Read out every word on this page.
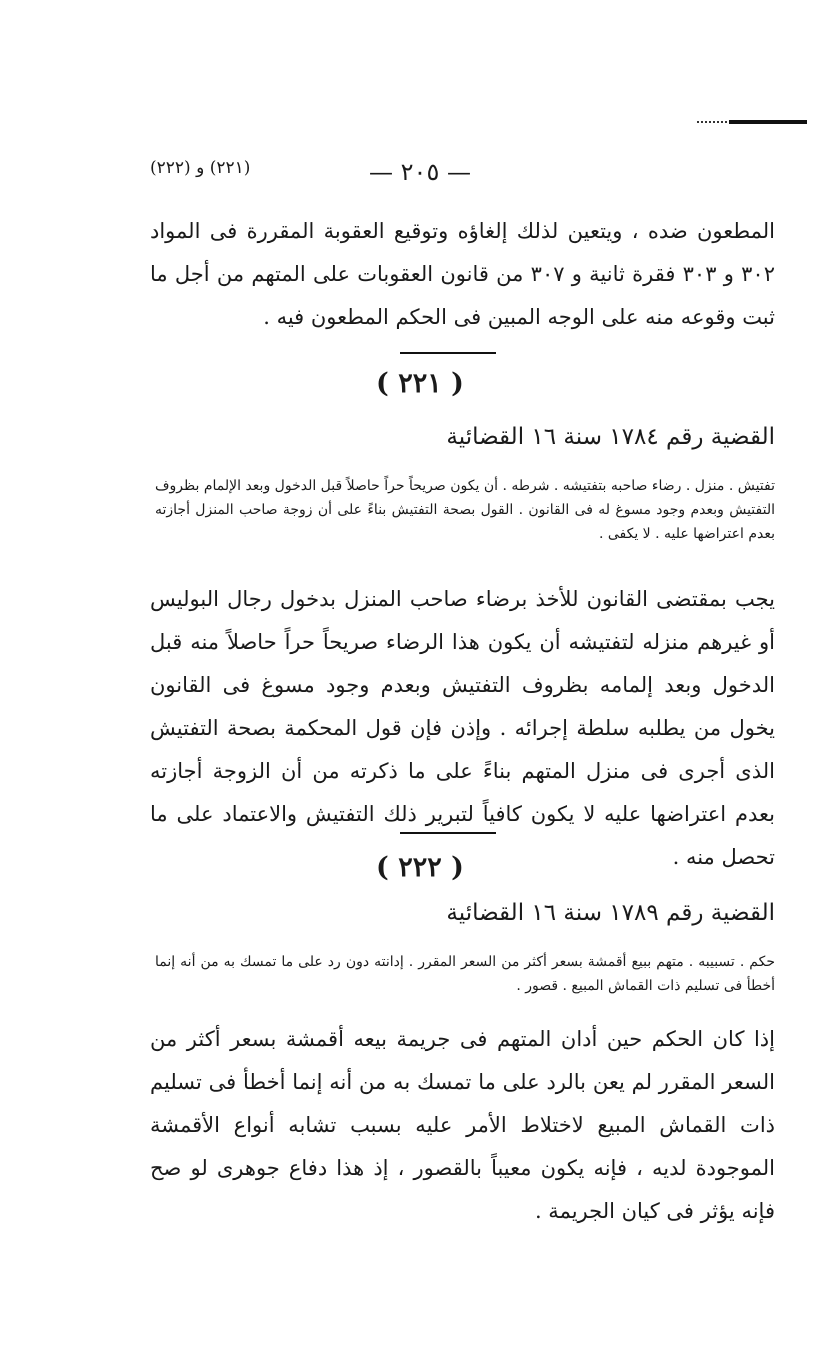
— ٢٠٥ —
(٢٢١) و (٢٢٢)

المطعون ضده ، ويتعين لذلك إلغاؤه وتوقيع العقوبة المقررة فى المواد ٣٠٢ و ٣٠٣ فقرة ثانية و ٣٠٧ من قانون العقوبات على المتهم من أجل ما ثبت وقوعه منه على الوجه المبين فى الحكم المطعون فيه .

( ٢٢١ )
القضية رقم ١٧٨٤ سنة ١٦ القضائية

تفتيش . منزل . رضاء صاحبه بتفتيشه . شرطه . أن يكون صريحاً حراً حاصلاً قبل الدخول وبعد الإلمام بظروف التفتيش وبعدم وجود مسوغ له فى القانون . القول بصحة التفتيش بناءً على أن زوجة صاحب المنزل أجازته بعدم اعتراضها عليه . لا يكفى .

يجب بمقتضى القانون للأخذ برضاء صاحب المنزل بدخول رجال البوليس أو غيرهم منزله لتفتيشه أن يكون هذا الرضاء صريحاً حراً حاصلاً منه قبل الدخول وبعد إلمامه بظروف التفتيش وبعدم وجود مسوغ فى القانون يخول من يطلبه سلطة إجرائه . وإذن فإن قول المحكمة بصحة التفتيش الذى أجرى فى منزل المتهم بناءً على ما ذكرته من أن الزوجة أجازته بعدم اعتراضها عليه لا يكون كافياً لتبرير ذلك التفتيش والاعتماد على ما تحصل منه .

( ٢٢٢ )
القضية رقم ١٧٨٩ سنة ١٦ القضائية

حكم . تسبيبه . متهم ببيع أقمشة بسعر أكثر من السعر المقرر . إدانته دون رد على ما تمسك به من أنه إنما أخطأ فى تسليم ذات القماش المبيع . قصور .

إذا كان الحكم حين أدان المتهم فى جريمة بيعه أقمشة بسعر أكثر من السعر المقرر لم يعن بالرد على ما تمسك به من أنه إنما أخطأ فى تسليم ذات القماش المبيع لاختلاط الأمر عليه بسبب تشابه أنواع الأقمشة الموجودة لديه ، فإنه يكون معيباً بالقصور ، إذ هذا دفاع جوهرى لو صح فإنه يؤثر فى كيان الجريمة .
